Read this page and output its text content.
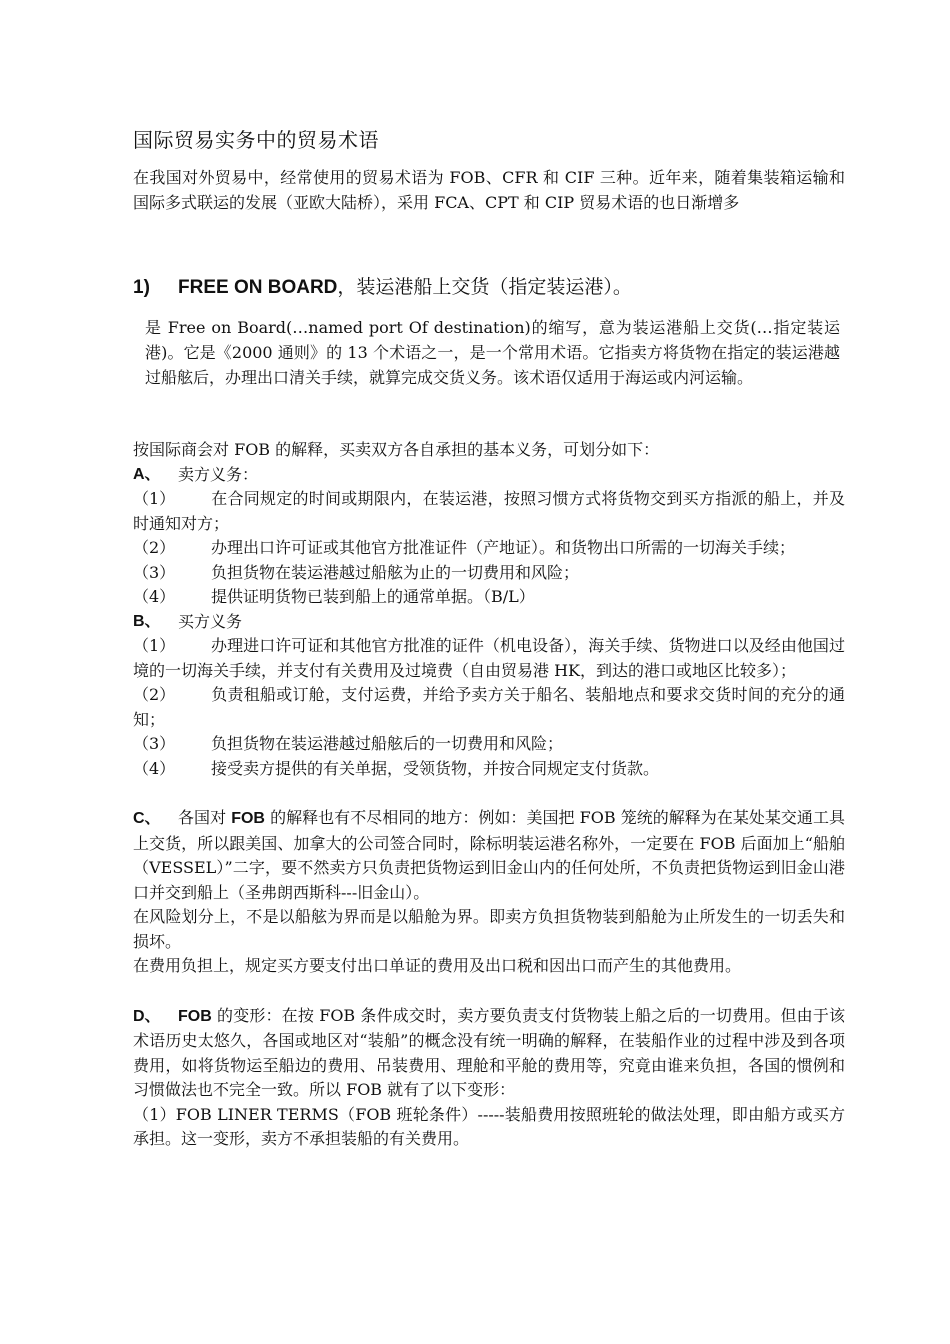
国际贸易实务中的贸易术语

在我国对外贸易中，经常使用的贸易术语为 FOB、CFR 和 CIF 三种。近年来，随着集装箱运输和国际多式联运的发展（亚欧大陆桥），采用 FCA、CPT 和 CIP 贸易术语的也日渐增多

1) FREE ON BOARD，装运港船上交货（指定装运港）。

是 Free on Board(…named port Of destination)的缩写，意为装运港船上交货(…指定装运港)。它是《2000 通则》的 13 个术语之一，是一个常用术语。它指卖方将货物在指定的装运港越过船舷后，办理出口清关手续，就算完成交货义务。该术语仅适用于海运或内河运输。

按国际商会对 FOB 的解释，买卖双方各自承担的基本义务，可划分如下：

A、	卖方义务：

（1） 在合同规定的时间或期限内，在装运港，按照习惯方式将货物交到买方指派的船上，并及时通知对方；

（2） 办理出口许可证或其他官方批准证件（产地证）。和货物出口所需的一切海关手续；

（3） 负担货物在装运港越过船舷为止的一切费用和风险；

（4） 提供证明货物已装到船上的通常单据。（B/L）

B、	买方义务

（1） 办理进口许可证和其他官方批准的证件（机电设备），海关手续、货物进口以及经由他国过境的一切海关手续，并支付有关费用及过境费（自由贸易港 HK，到达的港口或地区比较多）；

（2） 负责租船或订舱，支付运费，并给予卖方关于船名、装船地点和要求交货时间的充分的通知；

（3） 负担货物在装运港越过船舷后的一切费用和风险；

（4） 接受卖方提供的有关单据，受领货物，并按合同规定支付货款。

C、 各国对 FOB 的解释也有不尽相同的地方：例如：美国把 FOB 笼统的解释为在某处某交通工具上交货，所以跟美国、加拿大的公司签合同时，除标明装运港名称外，一定要在 FOB 后面加上“船舶（VESSEL）”二字，要不然卖方只负责把货物运到旧金山内的任何处所，不负责把货物运到旧金山港口并交到船上（圣弗朗西斯科---旧金山）。

在风险划分上，不是以船舷为界而是以船舱为界。即卖方负担货物装到船舱为止所发生的一切丢失和损坏。

在费用负担上，规定买方要支付出口单证的费用及出口税和因出口而产生的其他费用。

D、 FOB 的变形：在按 FOB 条件成交时，卖方要负责支付货物装上船之后的一切费用。但由于该术语历史太悠久，各国或地区对“装船”的概念没有统一明确的解释，在装船作业的过程中涉及到各项费用，如将货物运至船边的费用、吊装费用、理舱和平舱的费用等，究竟由谁来负担，各国的惯例和习惯做法也不完全一致。所以 FOB 就有了以下变形：

（1）FOB LINER TERMS（FOB 班轮条件）-----装船费用按照班轮的做法处理，即由船方或买方承担。这一变形，卖方不承担装船的有关费用。
